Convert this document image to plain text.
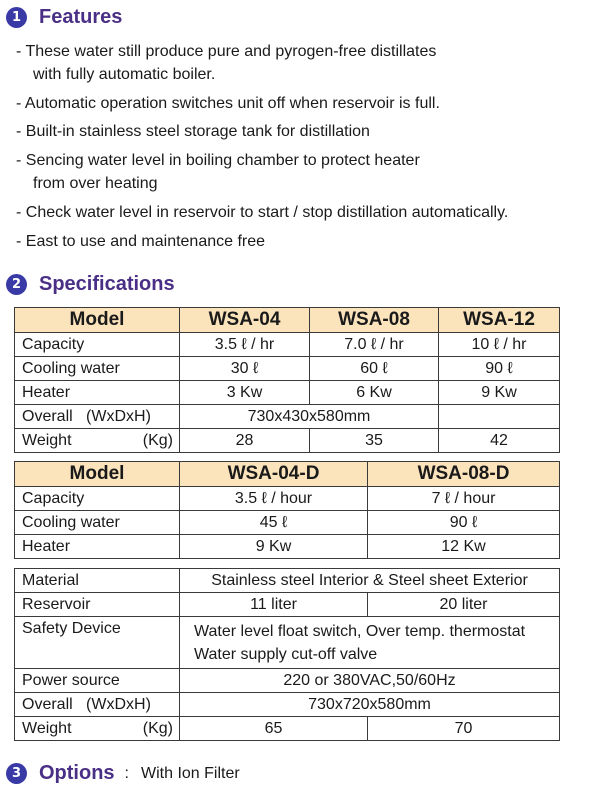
1 Features
- These water still produce pure and pyrogen-free distillates
with fully automatic boiler.
- Automatic operation switches unit off when reservoir is full.
- Built-in stainless steel storage tank for distillation
- Sencing water level in boiling chamber to protect heater
from over heating
- Check water level in reservoir to start / stop distillation automatically.
- East to use and maintenance free
2 Specifications
Model	WSA-04	WSA-08	WSA-12
Capacity	3.5 ℓ / hr	7.0 ℓ / hr	10 ℓ / hr
Cooling water	30 ℓ	60 ℓ	90 ℓ
Heater	3 Kw	6 Kw	9 Kw
Overall (WxDxH)	730x430x580mm		

Weight (Kg)	28	35	42
Model	WSA-04-D	WSA-08-D
Capacity	3.5 ℓ / hour	7 ℓ / hour
Cooling water	45 ℓ	90 ℓ
Heater	9 Kw	12 Kw
Material	Stainless steel Interior & Steel sheet Exterior	
Reservoir	11 liter	20 liter
Safety Device	Water level float switch, Over temp. thermostat
Water supply cut-off valve	

Power source	220 or 380VAC,50/60Hz	
Overall (WxDxH)	730x720x580mm	

Weight (Kg)	65	70
3 Options : With Ion Filter
